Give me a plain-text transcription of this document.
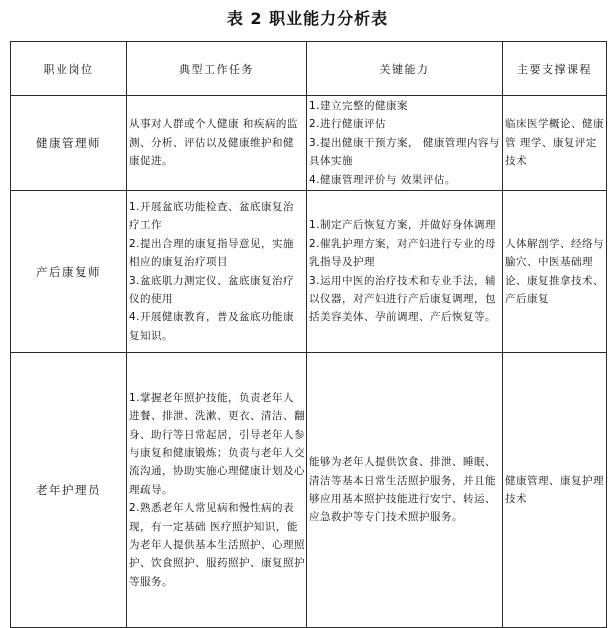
表 2 职业能力分析表
职业岗位	典型工作任务	关键能力	主要支撑课程
健康管理师	从事对人群或个人健康 和疾病的监测、分析、评估以及健康维护和健康促进。	1.建立完整的健康案
2.进行健康评估
3.提出健康干预方案， 健康管理内容与具体实施
4.健康管理评价与 效果评估。	临床医学概论、健康管 理学、康复评定技术

产后康复师	1.开展盆底功能检查、盆底康复治疗工作
2.提出合理的康复指导意见，实施相应的康复治疗项目
3.盆底肌力测定仪、盆底康复治疗仪的使用
4.开展健康教育，普及盆底功能康复知识。	1.制定产后恢复方案，并做好身体调理
2.催乳护理方案，对产妇进行专业的母乳指导及护理
3.运用中医的治疗技术和专业手法，辅以仪器，对产妇进行产后康复调理，包括美容美体、孕前调理、产后恢复等。	人体解剖学、经络与腧穴、中医基础理论、康复推拿技术、产后康复

老年护理员	1.掌握老年照护技能，负责老年人进餐、排泄、洗漱、更衣、清洁、翻身、助行等日常起居，引导老年人参与康复和健康锻炼；负责与老年人交流沟通，协助实施心理健康计划及心理疏导。
2.熟悉老年人常见病和慢性病的表现，有一定基础 医疗照护知识，能为老年人提供基本生活照护、心理照护、饮食照护、服药照护、康复照护等服务。	能够为老年人提供饮食、排泄、睡眠、清洁等基本日常生活照护服务，并且能够应用基本照护技能进行安宁、转运、应急救护等专门技术照护服务。	健康管理、康复护理技术
